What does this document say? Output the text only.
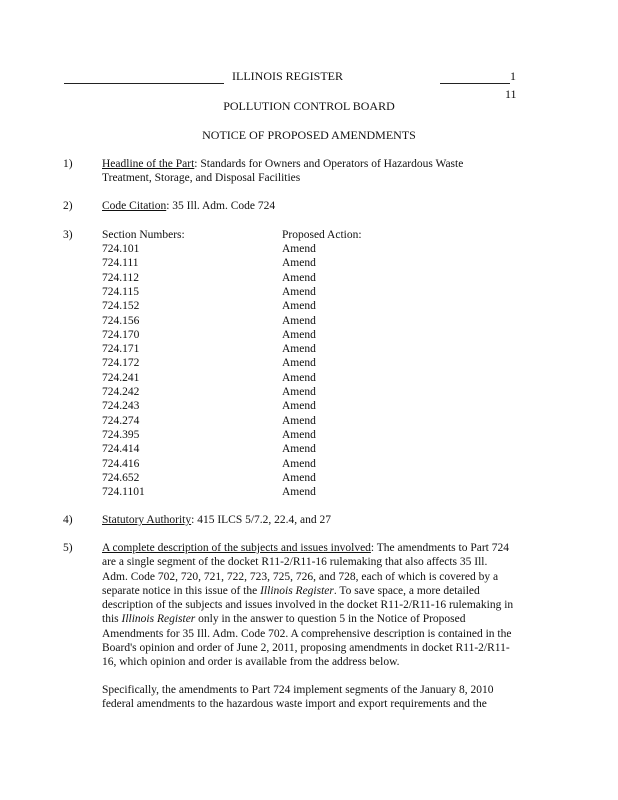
ILLINOIS REGISTER	1
11
POLLUTION CONTROL BOARD
NOTICE OF PROPOSED AMENDMENTS
1)	Headline of the Part: Standards for Owners and Operators of Hazardous Waste
Treatment, Storage, and Disposal Facilities
2)	Code Citation: 35 Ill. Adm. Code 724
3)	Section Numbers:	Proposed Action:
724.101	Amend
724.111	Amend
724.112	Amend
724.115	Amend
724.152	Amend
724.156	Amend
724.170	Amend
724.171	Amend
724.172	Amend
724.241	Amend
724.242	Amend
724.243	Amend
724.274	Amend
724.395	Amend
724.414	Amend
724.416	Amend
724.652	Amend
724.1101	Amend
4)	Statutory Authority: 415 ILCS 5/7.2, 22.4, and 27
5)	A complete description of the subjects and issues involved: The amendments to Part 724
are a single segment of the docket R11-2/R11-16 rulemaking that also affects 35 Ill.
Adm. Code 702, 720, 721, 722, 723, 725, 726, and 728, each of which is covered by a
separate notice in this issue of the Illinois Register. To save space, a more detailed
description of the subjects and issues involved in the docket R11-2/R11-16 rulemaking in
this Illinois Register only in the answer to question 5 in the Notice of Proposed
Amendments for 35 Ill. Adm. Code 702. A comprehensive description is contained in the
Board's opinion and order of June 2, 2011, proposing amendments in docket R11-2/R11-
16, which opinion and order is available from the address below.
Specifically, the amendments to Part 724 implement segments of the January 8, 2010
federal amendments to the hazardous waste import and export requirements and the
